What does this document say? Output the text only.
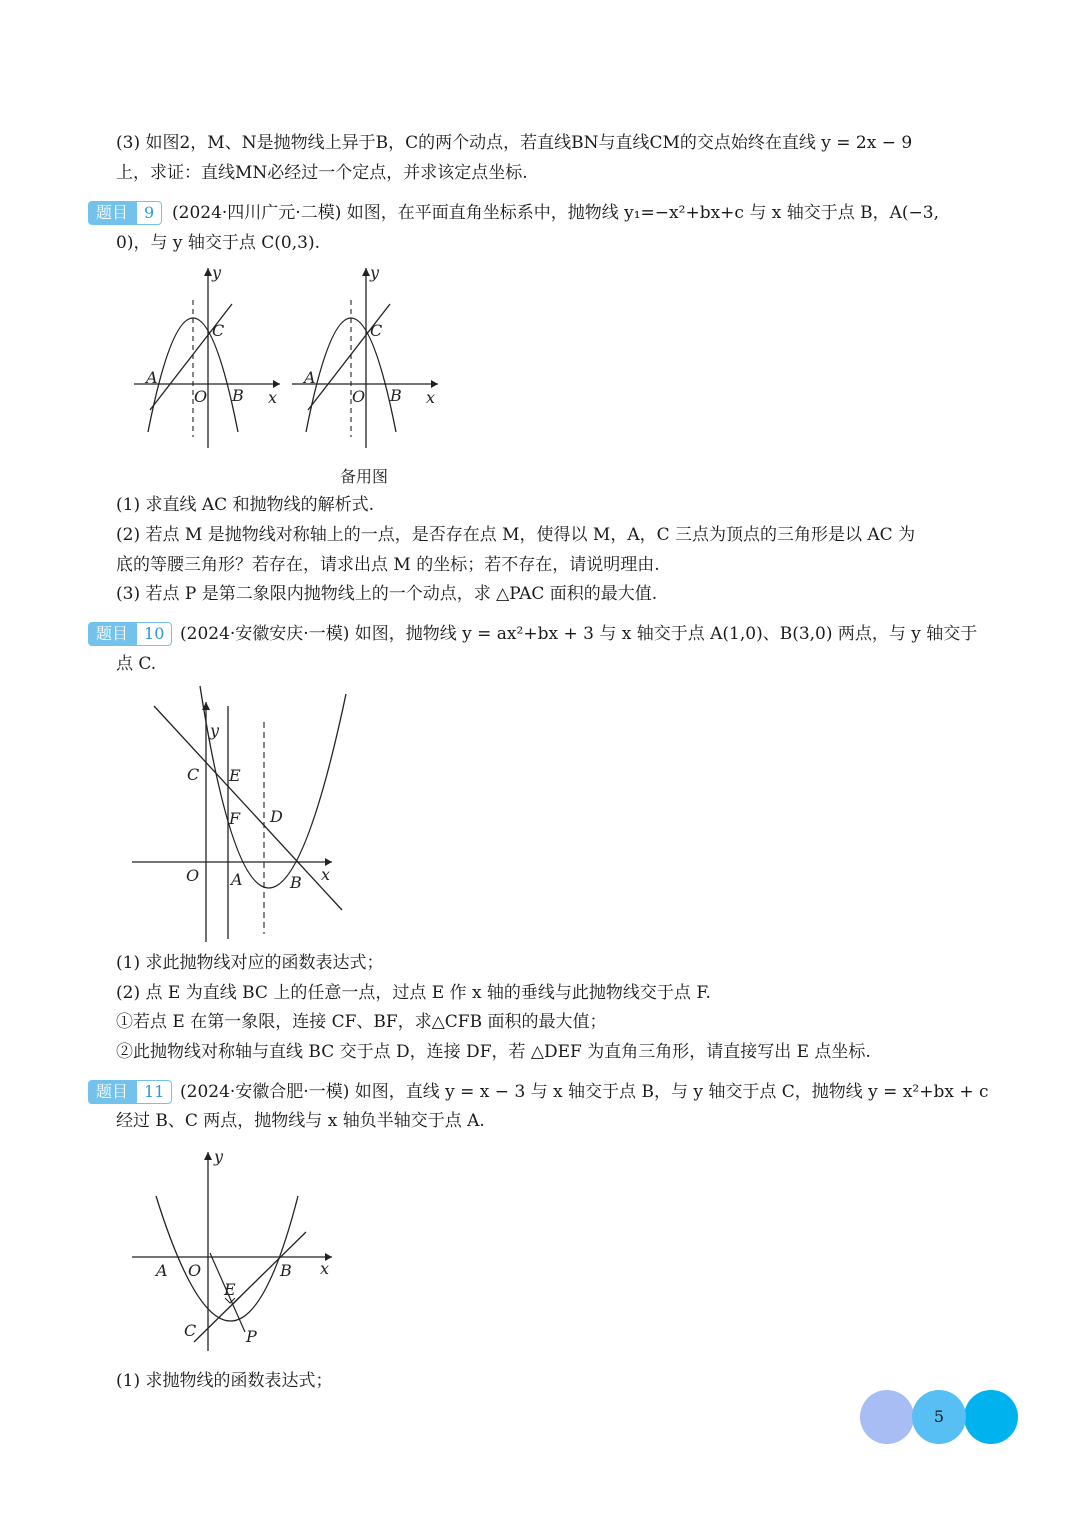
(3) 如图2，M、N是抛物线上异于B，C的两个动点，若直线BN与直线CM的交点始终在直线 y = 2x − 9
上，求证：直线MN必经过一个定点，并求该定点坐标.
题目	9	(2024·四川广元·二模) 如图，在平面直角坐标系中，抛物线 y₁=−x²+bx+c 与 x 轴交于点 B，A(−3,
0)，与 y 轴交于点 C(0,3).
y
C
A
O B x
y
C
A
O B x
备用图
(1) 求直线 AC 和抛物线的解析式.
(2) 若点 M 是抛物线对称轴上的一点，是否存在点 M，使得以 M，A，C 三点为顶点的三角形是以 AC 为
底的等腰三角形？若存在，请求出点 M 的坐标；若不存在，请说明理由.
(3) 若点 P 是第二象限内抛物线上的一个动点，求 △PAC 面积的最大值.
题目	10 (2024·安徽安庆·一模) 如图，抛物线 y = ax²+bx + 3 与 x 轴交于点 A(1,0)、B(3,0) 两点，与 y 轴交于
点 C.
y
C E
F D
O A	B x
(1) 求此抛物线对应的函数表达式；
(2) 点 E 为直线 BC 上的任意一点，过点 E 作 x 轴的垂线与此抛物线交于点 F.
①若点 E 在第一象限，连接 CF、BF，求△CFB 面积的最大值；
②此抛物线对称轴与直线 BC 交于点 D，连接 DF，若 △DEF 为直角三角形，请直接写出 E 点坐标.
题目	11 (2024·安徽合肥·一模) 如图，直线 y = x − 3 与 x 轴交于点 B，与 y 轴交于点 C，抛物线 y = x²+bx + c
经过 B、C 两点，抛物线与 x 轴负半轴交于点 A.
y
A O	B x
E
C	P
(1) 求抛物线的函数表达式；
5
